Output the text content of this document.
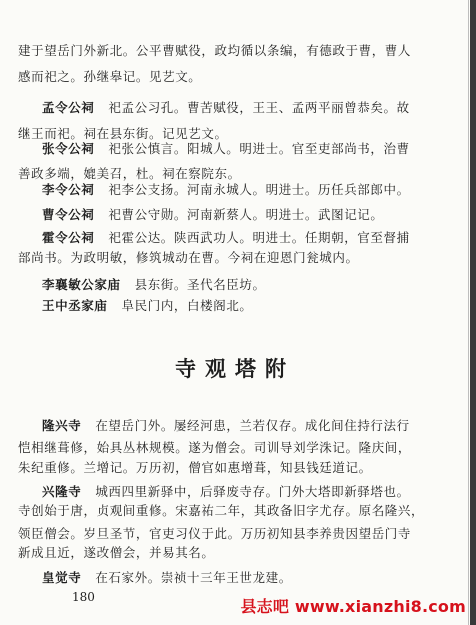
建于望岳门外新北。公平曹赋役，政均循以条编，有德政于曹，曹人
感而祀之。孙继皋记。见艺文。
孟令公祠 祀孟公习孔。曹苦赋役，王王、孟两平丽曾恭矣。故
继王而祀。祠在县东街。记见艺文。
张令公祠 祀张公慎言。阳城人。明进士。官至吏部尚书，治曹
善政多端，媲美召，杜。祠在察院东。
李令公祠 祀李公支扬。河南永城人。明进士。历任兵部郎中。
曹令公祠 祀曹公守勋。河南新蔡人。明进士。武图记记。
霍令公祠 祀霍公达。陕西武功人。明进士。任期朝，官至督捕
部尚书。为政明敏，修筑城动在曹。今祠在迎恩门瓮城内。
李襄敏公家庙 县东街。圣代名臣坊。
王中丞家庙 阜民门内，白楼阁北。
寺观塔附
隆兴寺 在望岳门外。屡经河患，兰若仅存。成化间住持行法行
恺相继葺修，始具丛林规模。遂为僧会。司训导刘学洙记。隆庆间，
朱纪重修。兰增记。万历初，僧官如惠增葺，知县钱廷道记。
兴隆寺 城西四里新驿中，后驿废寺存。门外大塔即新驿塔也。
寺创始于唐，贞观间重修。宋嘉祐二年，其政备旧字尤存。原名隆兴，
领臣僧会。岁旦圣节，官吏习仪于此。万历初知县李养贵因望岳门寺
新成且近，遂改僧会，并易其名。
皇觉寺 在石家外。崇祯十三年王世龙建。
180	县志吧 www.xianzhi8.com
